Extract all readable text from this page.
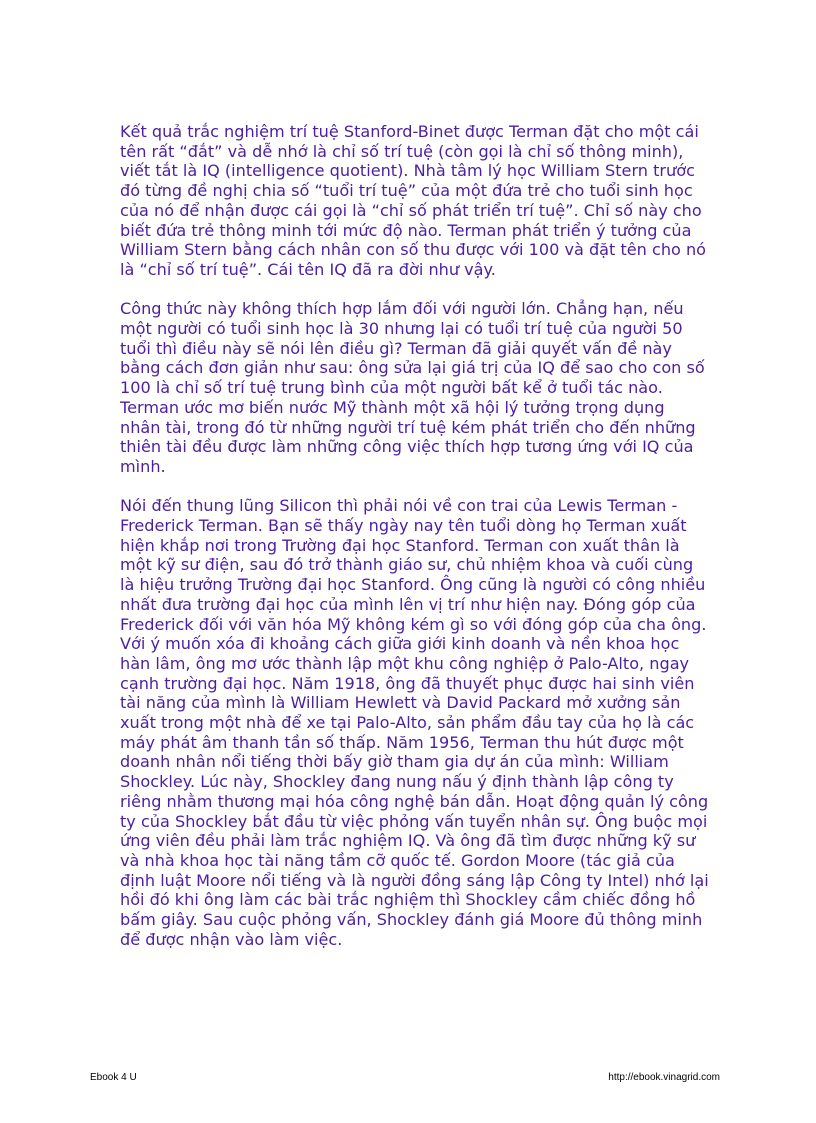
Kết quả trắc nghiệm trí tuệ Stanford-Binet được Terman đặt cho một cái tên rất “đắt” và dễ nhớ là chỉ số trí tuệ (còn gọi là chỉ số thông minh), viết tắt là IQ (intelligence quotient). Nhà tâm lý học William Stern trước đó từng đề nghị chia số “tuổi trí tuệ” của một đứa trẻ cho tuổi sinh học của nó để nhận được cái gọi là “chỉ số phát triển trí tuệ”. Chỉ số này cho biết đứa trẻ thông minh tới mức độ nào. Terman phát triển ý tưởng của William Stern bằng cách nhân con số thu được với 100 và đặt tên cho nó là “chỉ số trí tuệ”. Cái tên IQ đã ra đời như vậy.

Công thức này không thích hợp lắm đối với người lớn. Chẳng hạn, nếu một người có tuổi sinh học là 30 nhưng lại có tuổi trí tuệ của người 50 tuổi thì điều này sẽ nói lên điều gì? Terman đã giải quyết vấn đề này bằng cách đơn giản như sau: ông sửa lại giá trị của IQ để sao cho con số 100 là chỉ số trí tuệ trung bình của một người bất kể ở tuổi tác nào. Terman ước mơ biến nước Mỹ thành một xã hội lý tưởng trọng dụng nhân tài, trong đó từ những người trí tuệ kém phát triển cho đến những thiên tài đều được làm những công việc thích hợp tương ứng với IQ của mình.

Nói đến thung lũng Silicon thì phải nói về con trai của Lewis Terman - Frederick Terman. Bạn sẽ thấy ngày nay tên tuổi dòng họ Terman xuất hiện khắp nơi trong Trường đại học Stanford. Terman con xuất thân là một kỹ sư điện, sau đó trở thành giáo sư, chủ nhiệm khoa và cuối cùng là hiệu trưởng Trường đại học Stanford. Ông cũng là người có công nhiều nhất đưa trường đại học của mình lên vị trí như hiện nay. Đóng góp của Frederick đối với văn hóa Mỹ không kém gì so với đóng góp của cha ông. Với ý muốn xóa đi khoảng cách giữa giới kinh doanh và nền khoa học hàn lâm, ông mơ ước thành lập một khu công nghiệp ở Palo-Alto, ngay cạnh trường đại học. Năm 1918, ông đã thuyết phục được hai sinh viên tài năng của mình là William Hewlett và David Packard mở xưởng sản xuất trong một nhà để xe tại Palo-Alto, sản phẩm đầu tay của họ là các máy phát âm thanh tần số thấp. Năm 1956, Terman thu hút được một doanh nhân nổi tiếng thời bấy giờ tham gia dự án của mình: William Shockley. Lúc này, Shockley đang nung nấu ý định thành lập công ty riêng nhằm thương mại hóa công nghệ bán dẫn. Hoạt động quản lý công ty của Shockley bắt đầu từ việc phỏng vấn tuyển nhân sự. Ông buộc mọi ứng viên đều phải làm trắc nghiệm IQ. Và ông đã tìm được những kỹ sư và nhà khoa học tài năng tầm cỡ quốc tế. Gordon Moore (tác giả của định luật Moore nổi tiếng và là người đồng sáng lập Công ty Intel) nhớ lại hồi đó khi ông làm các bài trắc nghiệm thì Shockley cầm chiếc đồng hồ bấm giây. Sau cuộc phỏng vấn, Shockley đánh giá Moore đủ thông minh để được nhận vào làm việc.

Ebook 4 U	http://ebook.vinagrid.com
